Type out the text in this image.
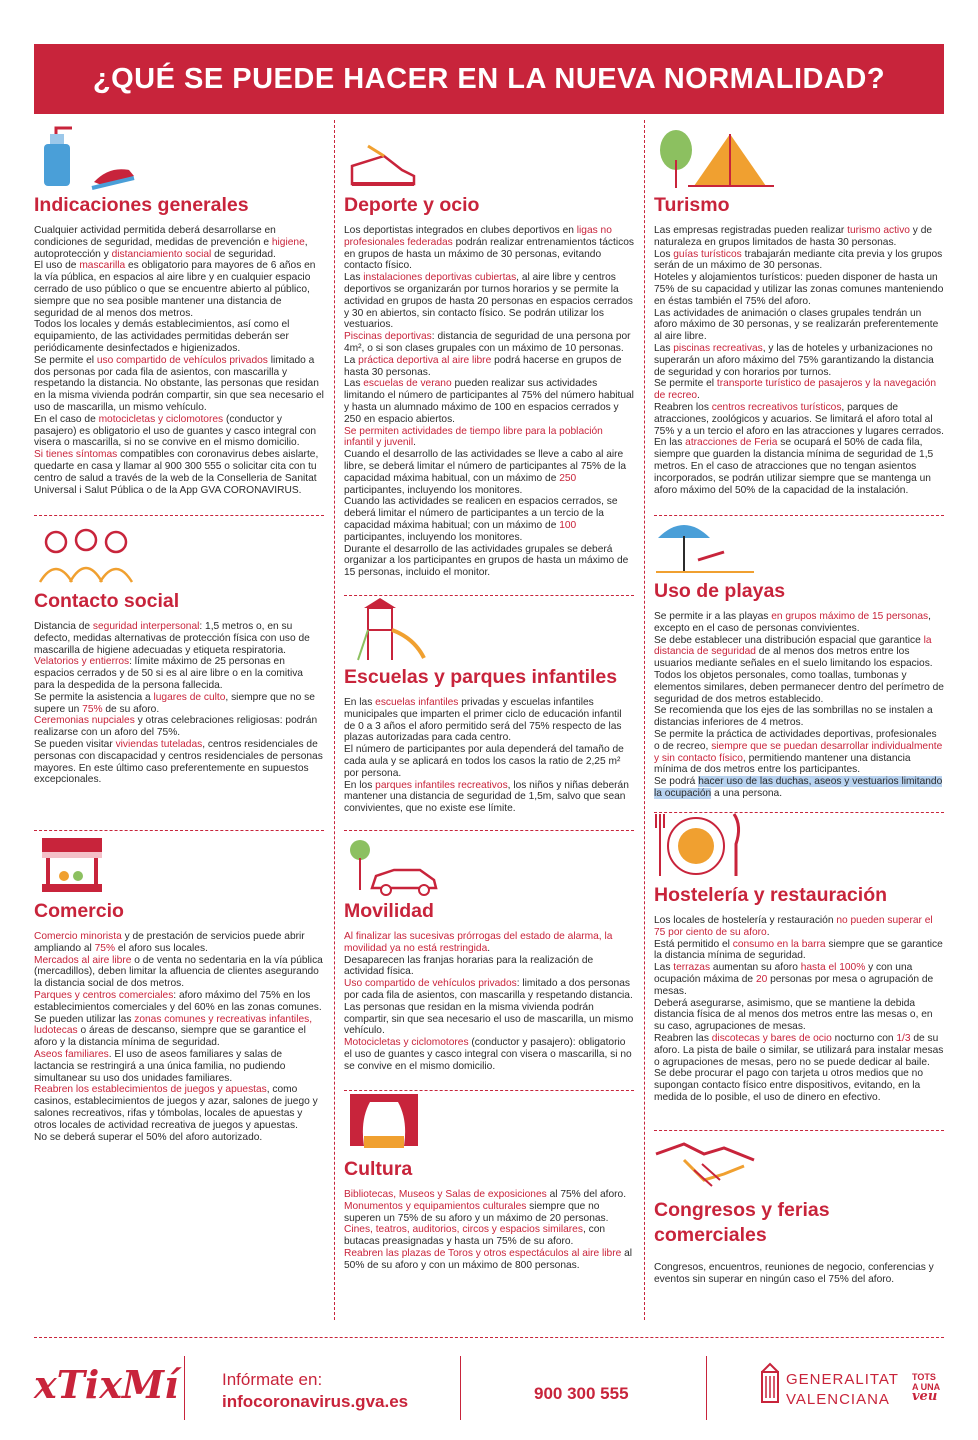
¿QUÉ SE PUEDE HACER EN LA NUEVA NORMALIDAD?
Indicaciones generales

Cualquier actividad permitida deberá desarrollarse en condiciones de seguridad, medidas de prevención e higiene, autoprotección y distanciamiento social de seguridad.

El uso de mascarilla es obligatorio para mayores de 6 años en la vía pública, en espacios al aire libre y en cualquier espacio cerrado de uso público o que se encuentre abierto al público, siempre que no sea posible mantener una distancia de seguridad de al menos dos metros.

Todos los locales y demás establecimientos, así como el equipamiento, de las actividades permitidas deberán ser periódicamente desinfectados e higienizados.

Se permite el uso compartido de vehículos privados limitado a dos personas por cada fila de asientos, con mascarilla y respetando la distancia. No obstante, las personas que residan en la misma vivienda podrán compartir, sin que sea necesario el uso de mascarilla, un mismo vehículo.

En el caso de motocicletas y ciclomotores (conductor y pasajero) es obligatorio el uso de guantes y casco integral con visera o mascarilla, si no se convive en el mismo domicilio.

Si tienes síntomas compatibles con coronavirus debes aislarte, quedarte en casa y llamar al 900 300 555 o solicitar cita con tu centro de salud a través de la web de la Conselleria de Sanitat Universal i Salut Pública o de la App GVA CORONAVIRUS.

Contacto social

Distancia de seguridad interpersonal: 1,5 metros o, en su defecto, medidas alternativas de protección física con uso de mascarilla de higiene adecuadas y etiqueta respiratoria.

Velatorios y entierros: límite máximo de 25 personas en espacios cerrados y de 50 si es al aire libre o en la comitiva para la despedida de la persona fallecida.

Se permite la asistencia a lugares de culto, siempre que no se supere un 75% de su aforo.

Ceremonias nupciales y otras celebraciones religiosas: podrán realizarse con un aforo del 75%.

Se pueden visitar viviendas tuteladas, centros residenciales de personas con discapacidad y centros residenciales de personas mayores. En este último caso preferentemente en supuestos excepcionales.

Comercio

Comercio minorista y de prestación de servicios puede abrir ampliando al 75% el aforo sus locales.

Mercados al aire libre o de venta no sedentaria en la vía pública (mercadillos), deben limitar la afluencia de clientes asegurando la distancia social de dos metros.

Parques y centros comerciales: aforo máximo del 75% en los establecimientos comerciales y del 60% en las zonas comunes.

Se pueden utilizar las zonas comunes y recreativas infantiles, ludotecas o áreas de descanso, siempre que se garantice el aforo y la distancia mínima de seguridad.

Aseos familiares. El uso de aseos familiares y salas de lactancia se restringirá a una única familia, no pudiendo simultanear su uso dos unidades familiares.

Reabren los establecimientos de juegos y apuestas, como casinos, establecimientos de juegos y azar, salones de juego y salones recreativos, rifas y tómbolas, locales de apuestas y otros locales de actividad recreativa de juegos y apuestas.

No se deberá superar el 50% del aforo autorizado.

Deporte y ocio

Los deportistas integrados en clubes deportivos en ligas no profesionales federadas podrán realizar entrenamientos tácticos en grupos de hasta un máximo de 30 personas, evitando contacto físico.

Las instalaciones deportivas cubiertas, al aire libre y centros deportivos se organizarán por turnos horarios y se permite la actividad en grupos de hasta 20 personas en espacios cerrados y 30 en abiertos, sin contacto físico. Se podrán utilizar los vestuarios.

Piscinas deportivas: distancia de seguridad de una persona por 4m², o si son clases grupales con un máximo de 10 personas.

La práctica deportiva al aire libre podrá hacerse en grupos de hasta 30 personas.

Las escuelas de verano pueden realizar sus actividades limitando el número de participantes al 75% del número habitual y hasta un alumnado máximo de 100 en espacios cerrados y 250 en espacio abiertos.

Se permiten actividades de tiempo libre para la población infantil y juvenil.

Cuando el desarrollo de las actividades se lleve a cabo al aire libre, se deberá limitar el número de participantes al 75% de la capacidad máxima habitual, con un máximo de 250 participantes, incluyendo los monitores.

Cuando las actividades se realicen en espacios cerrados, se deberá limitar el número de participantes a un tercio de la capacidad máxima habitual; con un máximo de 100 participantes, incluyendo los monitores.

Durante el desarrollo de las actividades grupales se deberá organizar a los participantes en grupos de hasta un máximo de 15 personas, incluido el monitor.

Escuelas y parques infantiles

En las escuelas infantiles privadas y escuelas infantiles municipales que imparten el primer ciclo de educación infantil de 0 a 3 años el aforo permitido será del 75% respecto de las plazas autorizadas para cada centro.

El número de participantes por aula dependerá del tamaño de cada aula y se aplicará en todos los casos la ratio de 2,25 m² por persona.

En los parques infantiles recreativos, los niños y niñas deberán mantener una distancia de seguridad de 1,5m, salvo que sean convivientes, que no existe ese límite.

Movilidad

Al finalizar las sucesivas prórrogas del estado de alarma, la movilidad ya no está restringida.

Desaparecen las franjas horarias para la realización de actividad física.

Uso compartido de vehículos privados: limitado a dos personas por cada fila de asientos, con mascarilla y respetando distancia. Las personas que residan en la misma vivienda podrán compartir, sin que sea necesario el uso de mascarilla, un mismo vehículo.

Motocicletas y ciclomotores (conductor y pasajero): obligatorio el uso de guantes y casco integral con visera o mascarilla, si no se convive en el mismo domicilio.

Cultura

Bibliotecas, Museos y Salas de exposiciones al 75% del aforo.

Monumentos y equipamientos culturales siempre que no superen un 75% de su aforo y un máximo de 20 personas.

Cines, teatros, auditorios, circos y espacios similares, con butacas preasignadas y hasta un 75% de su aforo.

Reabren las plazas de Toros y otros espectáculos al aire libre al 50% de su aforo y con un máximo de 800 personas.

Turismo

Las empresas registradas pueden realizar turismo activo y de naturaleza en grupos limitados de hasta 30 personas.

Los guías turísticos trabajarán mediante cita previa y los grupos serán de un máximo de 30 personas.

Hoteles y alojamientos turísticos: pueden disponer de hasta un 75% de su capacidad y utilizar las zonas comunes manteniendo en éstas también el 75% del aforo.

Las actividades de animación o clases grupales tendrán un aforo máximo de 30 personas, y se realizarán preferentemente al aire libre.

Las piscinas recreativas, y las de hoteles y urbanizaciones no superarán un aforo máximo del 75% garantizando la distancia de seguridad y con horarios por turnos.

Se permite el transporte turístico de pasajeros y la navegación de recreo.

Reabren los centros recreativos turísticos, parques de atracciones, zoológicos y acuarios. Se limitará el aforo total al 75% y a un tercio el aforo en las atracciones y lugares cerrados.

En las atracciones de Feria se ocupará el 50% de cada fila, siempre que guarden la distancia mínima de seguridad de 1,5 metros. En el caso de atracciones que no tengan asientos incorporados, se podrán utilizar siempre que se mantenga un aforo máximo del 50% de la capacidad de la instalación.

Uso de playas

Se permite ir a las playas en grupos máximo de 15 personas, excepto en el caso de personas convivientes.

Se debe establecer una distribución espacial que garantice la distancia de seguridad de al menos dos metros entre los usuarios mediante señales en el suelo limitando los espacios.

Todos los objetos personales, como toallas, tumbonas y elementos similares, deben permanecer dentro del perímetro de seguridad de dos metros establecido.

Se recomienda que los ejes de las sombrillas no se instalen a distancias inferiores de 4 metros.

Se permite la práctica de actividades deportivas, profesionales o de recreo, siempre que se puedan desarrollar individualmente y sin contacto físico, permitiendo mantener una distancia mínima de dos metros entre los participantes.

Se podrá hacer uso de las duchas, aseos y vestuarios limitando la ocupación a una persona.

Hostelería y restauración

Los locales de hostelería y restauración no pueden superar el 75 por ciento de su aforo.

Está permitido el consumo en la barra siempre que se garantice la distancia mínima de seguridad.

Las terrazas aumentan su aforo hasta el 100% y con una ocupación máxima de 20 personas por mesa o agrupación de mesas.

Deberá asegurarse, asimismo, que se mantiene la debida distancia física de al menos dos metros entre las mesas o, en su caso, agrupaciones de mesas.

Reabren las discotecas y bares de ocio nocturno con 1/3 de su aforo. La pista de baile o similar, se utilizará para instalar mesas o agrupaciones de mesas, pero no se puede dedicar al baile.

Se debe procurar el pago con tarjeta u otros medios que no supongan contacto físico entre dispositivos, evitando, en la medida de lo posible, el uso de dinero en efectivo.

Congresos y ferias comerciales

Congresos, encuentros, reuniones de negocio, conferencias y eventos sin superar en ningún caso el 75% del aforo.

xTixMí	Infórmate en:
infocoronavirus.gva.es	900 300 555
GENERALITAT
VALENCIANA
TOTS
A UNA
veu
